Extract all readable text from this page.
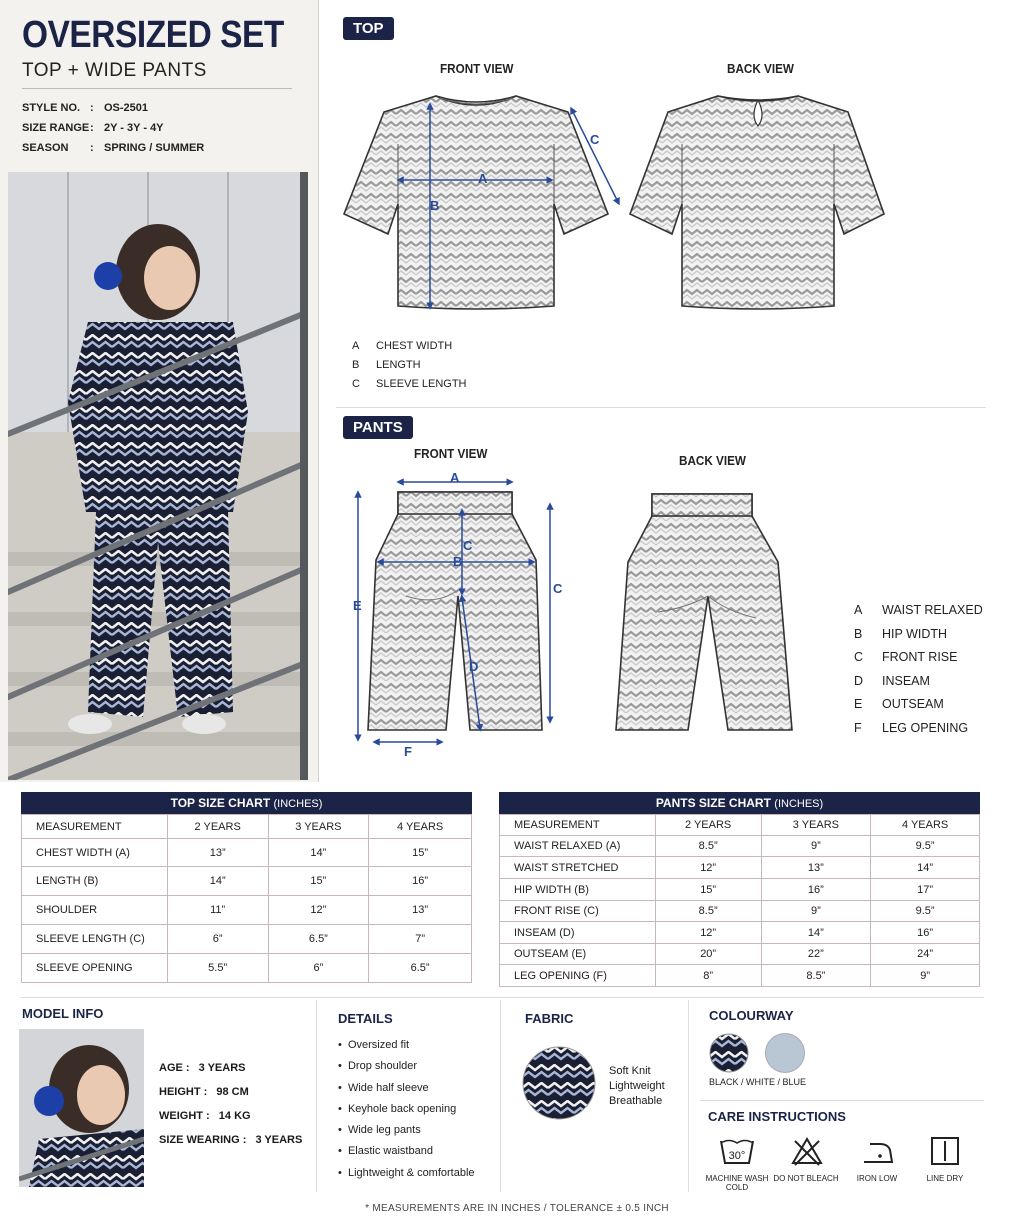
OVERSIZED SET
TOP + WIDE PANTS
STYLE NO. : OS-2501
SIZE RANGE : 2Y - 3Y - 4Y
SEASON	: SPRING / SUMMER
TOP
FRONT VIEW	BACK VIEW
A
B
C
A	CHEST WIDTH
B	LENGTH
C	SLEEVE LENGTH
PANTS
FRONT VIEW	BACK VIEW
A
B
C
D
E
C
F
A	WAIST RELAXED
B	HIP WIDTH
C	FRONT RISE
D	INSEAM
E	OUTSEAM
F	LEG OPENING
TOP SIZE CHART (INCHES)
MEASUREMENT	2 YEARS	3 YEARS	4 YEARS
CHEST WIDTH (A)	13”	14”	15”
LENGTH (B)	14”	15”	16”
SHOULDER	11”	12”	13”
SLEEVE LENGTH (C)	6”	6.5”	7”
SLEEVE OPENING	5.5”	6”	6.5”
PANTS SIZE CHART (INCHES)
MEASUREMENT	2 YEARS	3 YEARS	4 YEARS
WAIST RELAXED (A)	8.5”	9”	9.5”
WAIST STRETCHED	12”	13”	14”
HIP WIDTH (B)	15”	16”	17”
FRONT RISE (C)	8.5”	9”	9.5”
INSEAM (D)	12”	14”	16”
OUTSEAM (E)	20”	22”	24”
LEG OPENING (F)	8”	8.5”	9”
MODEL INFO
AGE : 3 YEARS
HEIGHT : 98 CM
WEIGHT : 14 KG
SIZE WEARING : 3 YEARS
DETAILS
•  Oversized fit
•  Drop shoulder
•  Wide half sleeve
•  Keyhole back opening
•  Wide leg pants
•  Elastic waistband
•  Lightweight & comfortable
FABRIC
Soft Knit
Lightweight
Breathable
COLOURWAY
BLACK / WHITE / BLUE
CARE INSTRUCTIONS
30°
MACHINE WASH COLD
DO NOT BLEACH	IRON LOW	LINE DRY
* MEASUREMENTS ARE IN INCHES / TOLERANCE ± 0.5 INCH
